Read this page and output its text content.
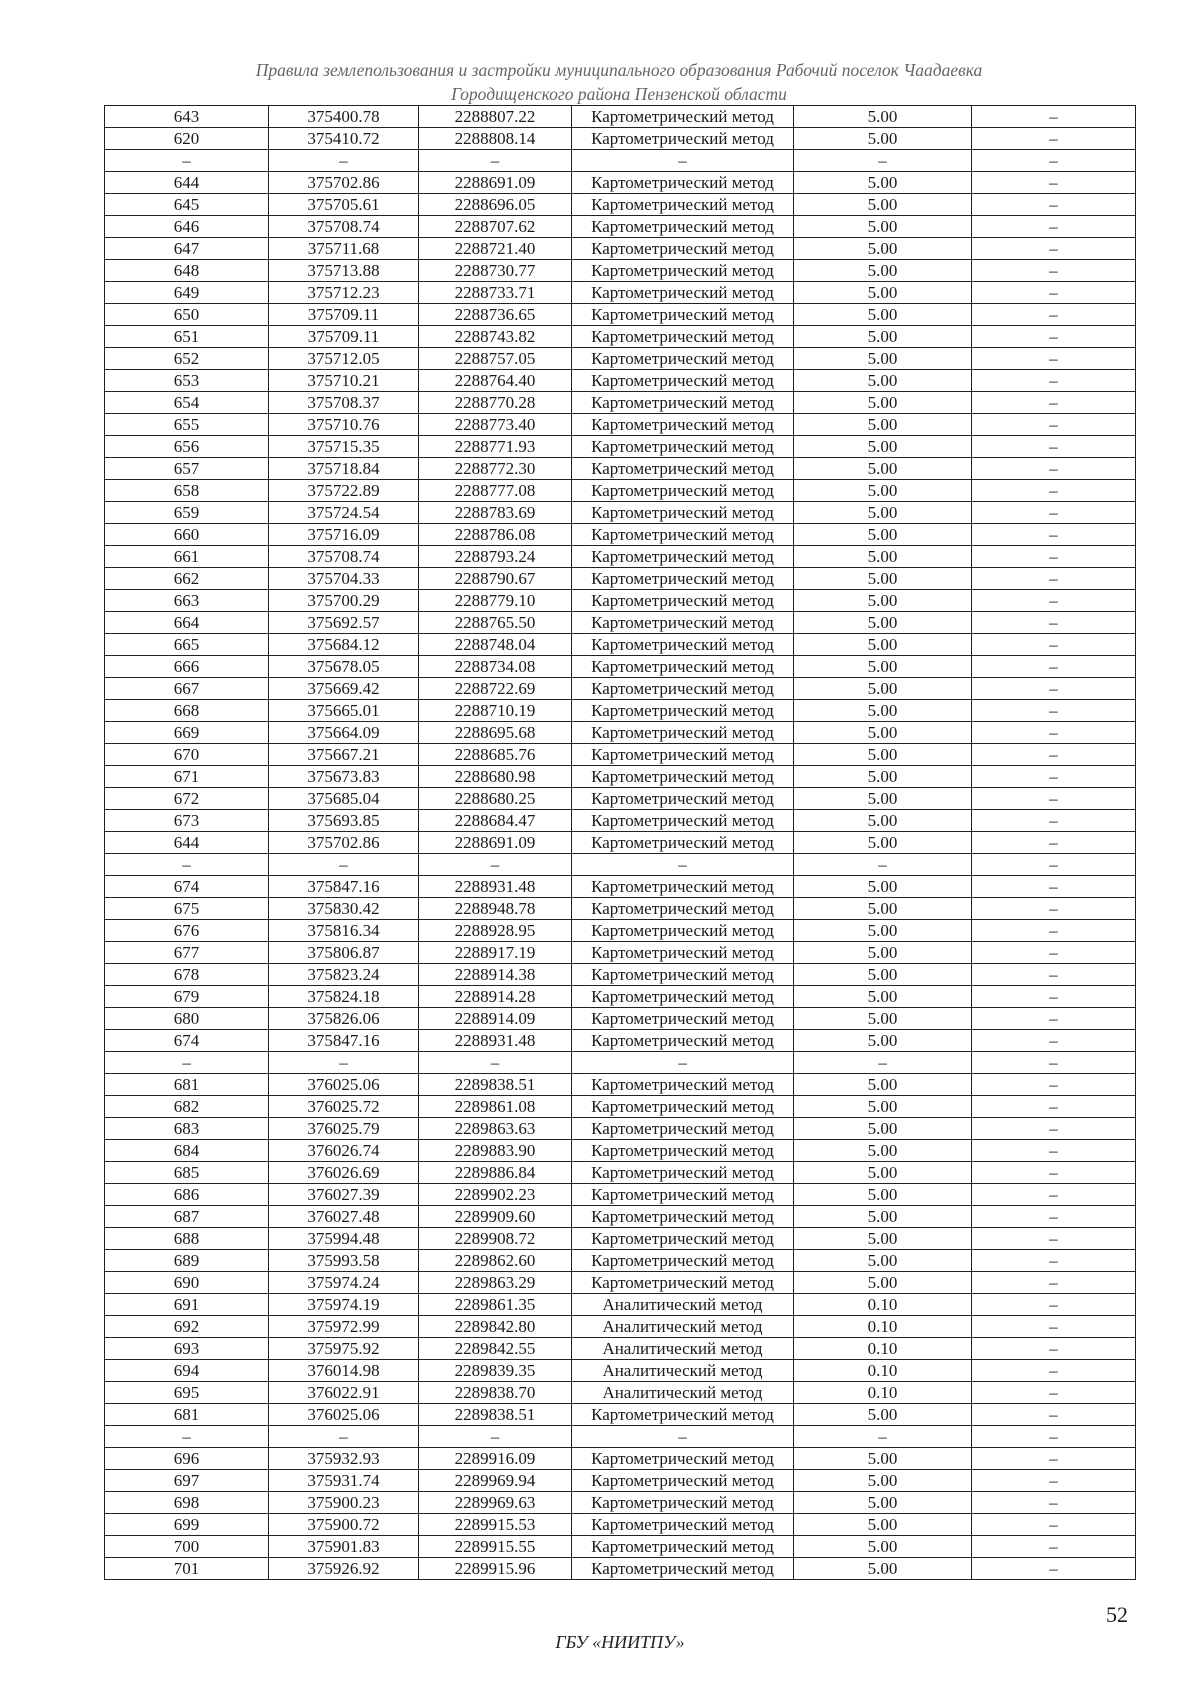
Правила землепользования и застройки муниципального образования Рабочий поселок Чаадаевка
Городищенского района Пензенской области
643	375400.78	2288807.22	Картометрический метод	5.00	–
620	375410.72	2288808.14	Картометрический метод	5.00	–
–	–	–	–	–	–
644	375702.86	2288691.09	Картометрический метод	5.00	–
645	375705.61	2288696.05	Картометрический метод	5.00	–
646	375708.74	2288707.62	Картометрический метод	5.00	–
647	375711.68	2288721.40	Картометрический метод	5.00	–
648	375713.88	2288730.77	Картометрический метод	5.00	–
649	375712.23	2288733.71	Картометрический метод	5.00	–
650	375709.11	2288736.65	Картометрический метод	5.00	–
651	375709.11	2288743.82	Картометрический метод	5.00	–
652	375712.05	2288757.05	Картометрический метод	5.00	–
653	375710.21	2288764.40	Картометрический метод	5.00	–
654	375708.37	2288770.28	Картометрический метод	5.00	–
655	375710.76	2288773.40	Картометрический метод	5.00	–
656	375715.35	2288771.93	Картометрический метод	5.00	–
657	375718.84	2288772.30	Картометрический метод	5.00	–
658	375722.89	2288777.08	Картометрический метод	5.00	–
659	375724.54	2288783.69	Картометрический метод	5.00	–
660	375716.09	2288786.08	Картометрический метод	5.00	–
661	375708.74	2288793.24	Картометрический метод	5.00	–
662	375704.33	2288790.67	Картометрический метод	5.00	–
663	375700.29	2288779.10	Картометрический метод	5.00	–
664	375692.57	2288765.50	Картометрический метод	5.00	–
665	375684.12	2288748.04	Картометрический метод	5.00	–
666	375678.05	2288734.08	Картометрический метод	5.00	–
667	375669.42	2288722.69	Картометрический метод	5.00	–
668	375665.01	2288710.19	Картометрический метод	5.00	–
669	375664.09	2288695.68	Картометрический метод	5.00	–
670	375667.21	2288685.76	Картометрический метод	5.00	–
671	375673.83	2288680.98	Картометрический метод	5.00	–
672	375685.04	2288680.25	Картометрический метод	5.00	–
673	375693.85	2288684.47	Картометрический метод	5.00	–
644	375702.86	2288691.09	Картометрический метод	5.00	–
–	–	–	–	–	–
674	375847.16	2288931.48	Картометрический метод	5.00	–
675	375830.42	2288948.78	Картометрический метод	5.00	–
676	375816.34	2288928.95	Картометрический метод	5.00	–
677	375806.87	2288917.19	Картометрический метод	5.00	–
678	375823.24	2288914.38	Картометрический метод	5.00	–
679	375824.18	2288914.28	Картометрический метод	5.00	–
680	375826.06	2288914.09	Картометрический метод	5.00	–
674	375847.16	2288931.48	Картометрический метод	5.00	–
–	–	–	–	–	–
681	376025.06	2289838.51	Картометрический метод	5.00	–
682	376025.72	2289861.08	Картометрический метод	5.00	–
683	376025.79	2289863.63	Картометрический метод	5.00	–
684	376026.74	2289883.90	Картометрический метод	5.00	–
685	376026.69	2289886.84	Картометрический метод	5.00	–
686	376027.39	2289902.23	Картометрический метод	5.00	–
687	376027.48	2289909.60	Картометрический метод	5.00	–
688	375994.48	2289908.72	Картометрический метод	5.00	–
689	375993.58	2289862.60	Картометрический метод	5.00	–
690	375974.24	2289863.29	Картометрический метод	5.00	–
691	375974.19	2289861.35	Аналитический метод	0.10	–
692	375972.99	2289842.80	Аналитический метод	0.10	–
693	375975.92	2289842.55	Аналитический метод	0.10	–
694	376014.98	2289839.35	Аналитический метод	0.10	–
695	376022.91	2289838.70	Аналитический метод	0.10	–
681	376025.06	2289838.51	Картометрический метод	5.00	–
–	–	–	–	–	–
696	375932.93	2289916.09	Картометрический метод	5.00	–
697	375931.74	2289969.94	Картометрический метод	5.00	–
698	375900.23	2289969.63	Картометрический метод	5.00	–
699	375900.72	2289915.53	Картометрический метод	5.00	–
700	375901.83	2289915.55	Картометрический метод	5.00	–
701	375926.92	2289915.96	Картометрический метод	5.00	–
52
ГБУ «НИИТПУ»
